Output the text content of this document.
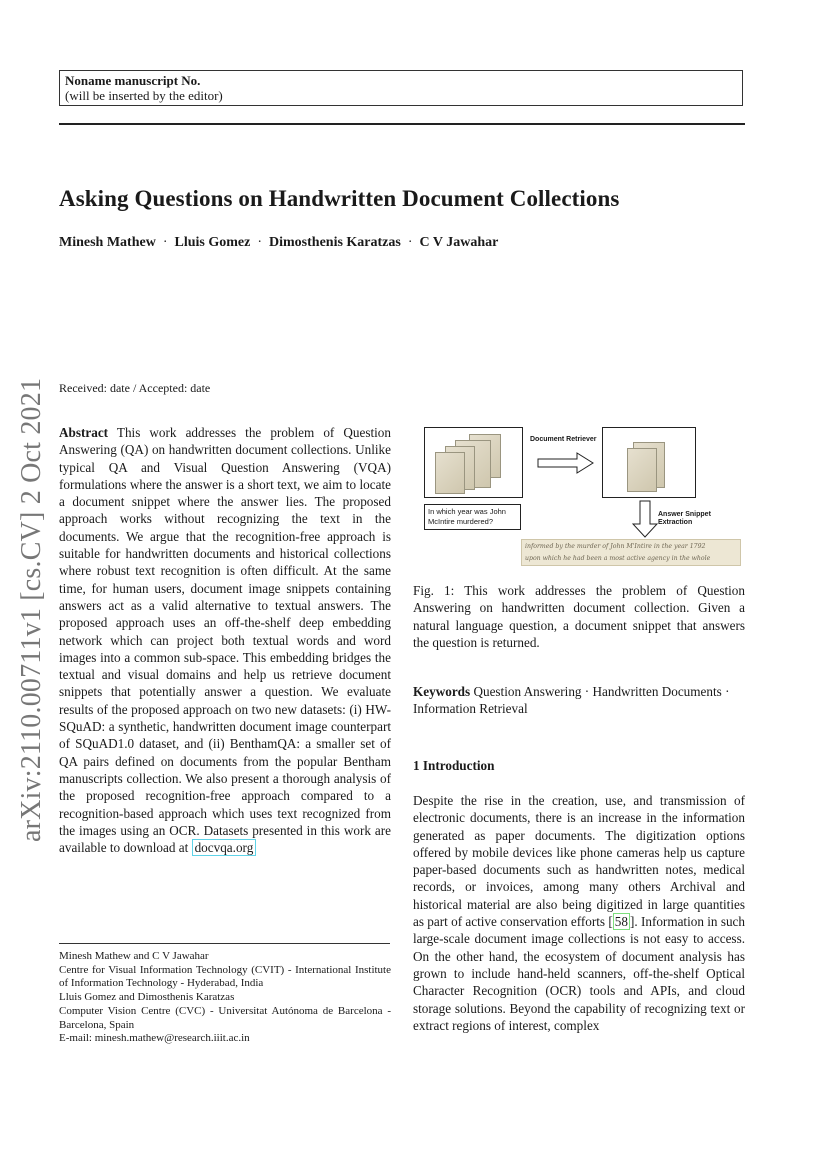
Noname manuscript No.
(will be inserted by the editor)
Asking Questions on Handwritten Document Collections
Minesh Mathew · Lluis Gomez · Dimosthenis Karatzas · C V Jawahar
arXiv:2110.00711v1 [cs.CV] 2 Oct 2021 Received: date / Accepted: date
Abstract This work addresses the problem of Question Answering (QA) on handwritten document collections. Unlike typical QA and Visual Question Answering (VQA) formulations where the answer is a short text, we aim to locate a document snippet where the answer lies. The proposed approach works without recognizing the text in the documents. We argue that the recognition-free approach is suitable for handwritten documents and historical collections where robust text recognition is often difficult. At the same time, for human users, document image snippets containing answers act as a valid alternative to textual answers. The proposed approach uses an off-the-shelf deep embedding network which can project both textual words and word images into a common sub-space. This embedding bridges the textual and visual domains and help us retrieve document snippets that potentially answer a question. We evaluate results of the proposed approach on two new datasets: (i) HW-SQuAD: a synthetic, handwritten document image counterpart of SQuAD1.0 dataset, and (ii) BenthamQA: a smaller set of QA pairs defined on documents from the popular Bentham manuscripts collection. We also present a thorough analysis of the proposed recognition-free approach compared to a recognition-based approach which uses text recognized from the images using an OCR. Datasets presented in this work are available to download at docvqa.org
Minesh Mathew and C V Jawahar
Centre for Visual Information Technology (CVIT) - International Institute of Information Technology - Hyderabad, India
Lluis Gomez and Dimosthenis Karatzas
Computer Vision Centre (CVC) - Universitat Autónoma de Barcelona - Barcelona, Spain
E-mail: minesh.mathew@research.iiit.ac.in
Document Retriever
Answer Snippet
Extraction
In which year was John McIntire murdered?
informed by the murder of John M'Intire in the year 1792
upon which he had been a most active agency in the whole
Fig. 1: This work addresses the problem of Question Answering on handwritten document collection. Given a natural language question, a document snippet that answers the question is returned.
Keywords Question Answering · Handwritten Documents · Information Retrieval
1 Introduction
Despite the rise in the creation, use, and transmission of electronic documents, there is an increase in the information generated as paper documents. The digitization options offered by mobile devices like phone cameras help us capture paper-based documents such as handwritten notes, medical records, or invoices, among many others Archival and historical material are also being digitized in large quantities as part of active conservation efforts [ 58 ]. Information in such large-scale document image collections is not easy to access. On the other hand, the ecosystem of document analysis has grown to include hand-held scanners, off-the-shelf Optical Character Recognition (OCR) tools and APIs, and cloud storage solutions. Beyond the capability of recognizing text or extract regions of interest, complex
